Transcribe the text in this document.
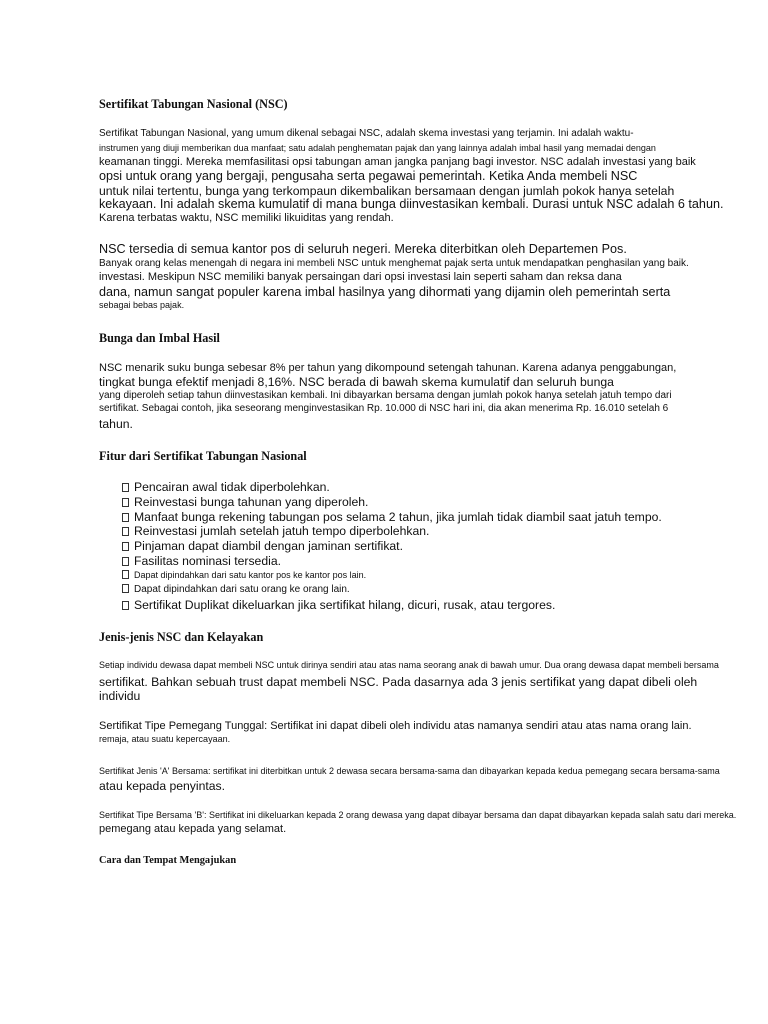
Sertifikat Tabungan Nasional (NSC)
Sertifikat Tabungan Nasional, yang umum dikenal sebagai NSC, adalah skema investasi yang terjamin. Ini adalah waktu-
instrumen yang diuji memberikan dua manfaat; satu adalah penghematan pajak dan yang lainnya adalah imbal hasil yang memadai dengan
keamanan tinggi. Mereka memfasilitasi opsi tabungan aman jangka panjang bagi investor. NSC adalah investasi yang baik
opsi untuk orang yang bergaji, pengusaha serta pegawai pemerintah. Ketika Anda membeli NSC
untuk nilai tertentu, bunga yang terkompaun dikembalikan bersamaan dengan jumlah pokok hanya setelah
kekayaan. Ini adalah skema kumulatif di mana bunga diinvestasikan kembali. Durasi untuk NSC adalah 6 tahun.
Karena terbatas waktu, NSC memiliki likuiditas yang rendah.
NSC tersedia di semua kantor pos di seluruh negeri. Mereka diterbitkan oleh Departemen Pos.
Banyak orang kelas menengah di negara ini membeli NSC untuk menghemat pajak serta untuk mendapatkan penghasilan yang baik.
investasi. Meskipun NSC memiliki banyak persaingan dari opsi investasi lain seperti saham dan reksa dana
dana, namun sangat populer karena imbal hasilnya yang dihormati yang dijamin oleh pemerintah serta
sebagai bebas pajak.
Bunga dan Imbal Hasil
NSC menarik suku bunga sebesar 8% per tahun yang dikompound setengah tahunan. Karena adanya penggabungan,
tingkat bunga efektif menjadi 8,16%. NSC berada di bawah skema kumulatif dan seluruh bunga
yang diperoleh setiap tahun diinvestasikan kembali. Ini dibayarkan bersama dengan jumlah pokok hanya setelah jatuh tempo dari
sertifikat. Sebagai contoh, jika seseorang menginvestasikan Rp. 10.000 di NSC hari ini, dia akan menerima Rp. 16.010 setelah 6
tahun.
Fitur dari Sertifikat Tabungan Nasional
Pencairan awal tidak diperbolehkan.
Reinvestasi bunga tahunan yang diperoleh.
Manfaat bunga rekening tabungan pos selama 2 tahun, jika jumlah tidak diambil saat jatuh tempo.
Reinvestasi jumlah setelah jatuh tempo diperbolehkan.
Pinjaman dapat diambil dengan jaminan sertifikat.
Fasilitas nominasi tersedia.
Dapat dipindahkan dari satu kantor pos ke kantor pos lain.
Dapat dipindahkan dari satu orang ke orang lain.
Sertifikat Duplikat dikeluarkan jika sertifikat hilang, dicuri, rusak, atau tergores.
Jenis-jenis NSC dan Kelayakan
Setiap individu dewasa dapat membeli NSC untuk dirinya sendiri atau atas nama seorang anak di bawah umur. Dua orang dewasa dapat membeli bersama
sertifikat. Bahkan sebuah trust dapat membeli NSC. Pada dasarnya ada 3 jenis sertifikat yang dapat dibeli oleh
individu
Sertifikat Tipe Pemegang Tunggal: Sertifikat ini dapat dibeli oleh individu atas namanya sendiri atau atas nama orang lain.
remaja, atau suatu kepercayaan.
Sertifikat Jenis 'A' Bersama: sertifikat ini diterbitkan untuk 2 dewasa secara bersama-sama dan dibayarkan kepada kedua pemegang secara bersama-sama
atau kepada penyintas.
Sertifikat Tipe Bersama 'B': Sertifikat ini dikeluarkan kepada 2 orang dewasa yang dapat dibayar bersama dan dapat dibayarkan kepada salah satu dari mereka.
pemegang atau kepada yang selamat.
Cara dan Tempat Mengajukan
